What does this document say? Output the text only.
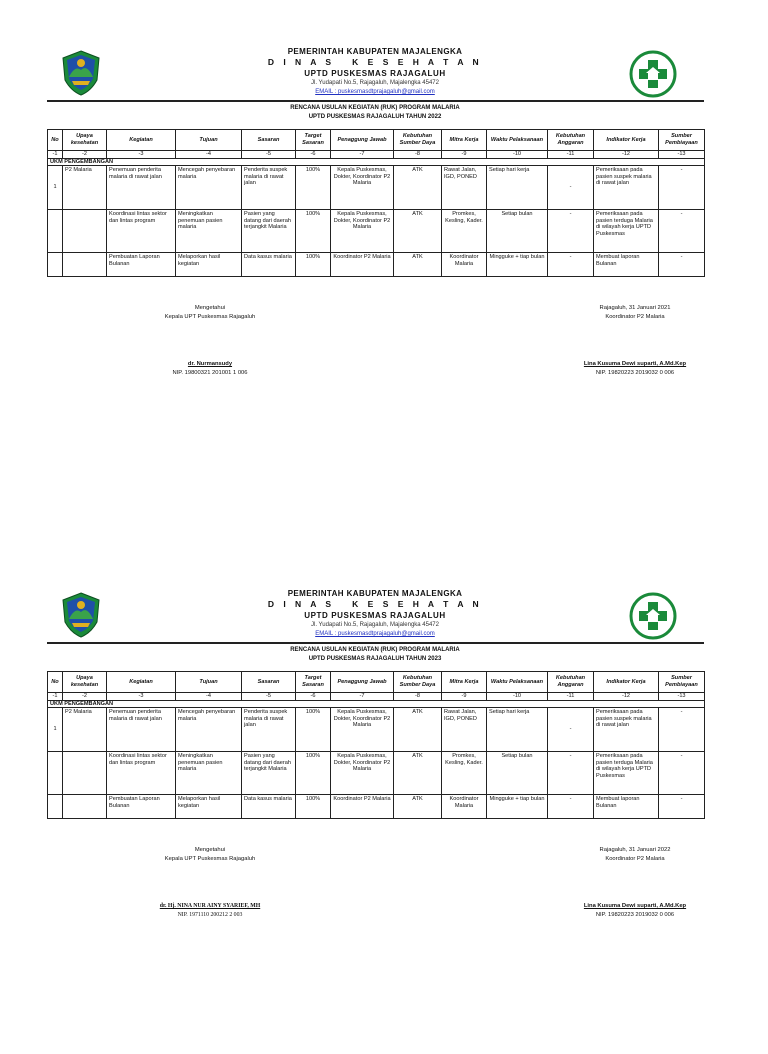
PEMERINTAH KABUPATEN MAJALENGKA
D I N A S   K E S E H A T A N
UPTD PUSKESMAS RAJAGALUH
Jl. Yudapati No.5, Rajagaluh, Majalengka 45472
EMAIL : puskesmasdtprajagaluh@gmail.com
RENCANA USULAN KEGIATAN (RUK) PROGRAM MALARIA
UPTD PUSKESMAS RAJAGALUH TAHUN 2022
No	Upaya kesehatan	Kegiatan	Tujuan	Sasaran	Target Sasaran	Penaggung Jawab	Kebutuhan Sumber Daya	Mitra Kerja	Waktu Pelaksanaan	Kebutuhan Anggaran	Indikator Kerja	Sumber Pembiayaan
-1	-2	-3	-4	-5	-6	-7	-8	-9	-10	-11	-12	-13
UKM PENGEMBANGAN												
1	P2 Malaria	Penemuan penderita malaria di rawat jalan	Mencegah penyebaran malaria	Penderita suspek malaria di rawat jalan	100%	Kepala Puskesmas, Dokter, Koordinator P2 Malaria	ATK	Rawat Jalan, IGD, PONED	Setiap hari kerja	-	Pemeriksaan pada pasien suspek malaria di rawat jalan	-
		Koordinasi lintas sektor dan lintas program	Meningkatkan penemuan pasien malaria	Pasien yang datang dari daerah terjangkit Malaria	100%	Kepala Puskesmas, Dokter, Koordinator P2 Malaria	ATK	Promkes, Kesling, Kader.	Setiap bulan	-	Pemeriksaan pada pasien terduga Malaria di wilayah kerja UPTD Puskesmas	-
		Pembuatan Laporan Bulanan	Melaporkan hasil kegiatan	Data kasus malaria	100%	Koordinator P2 Malaria	ATK	Koordinator Malaria	Mingguke + tiap bulan	-	Membuat laporan Bulanan	-
Mengetahui
Kepala UPT Puskesmas Rajagaluh
dr. Nurmansudy
NIP. 19800321 201001 1 006
Rajagaluh, 31 Januari 2021
Koordinator P2 Malaria
Lina Kusuma Dewi suparti, A.Md.Kep
NIP. 19820223 2019032 0 006
PEMERINTAH KABUPATEN MAJALENGKA
D I N A S   K E S E H A T A N
UPTD PUSKESMAS RAJAGALUH
Jl. Yudapati No.5, Rajagaluh, Majalengka 45472
EMAIL : puskesmasdtprajagaluh@gmail.com
RENCANA USULAN KEGIATAN (RUK) PROGRAM MALARIA
UPTD PUSKESMAS RAJAGALUH TAHUN 2023
No	Upaya kesehatan	Kegiatan	Tujuan	Sasaran	Target Sasaran	Penaggung Jawab	Kebutuhan Sumber Daya	Mitra Kerja	Waktu Pelaksanaan	Kebutuhan Anggaran	Indikator Kerja	Sumber Pembiayaan
-1	-2	-3	-4	-5	-6	-7	-8	-9	-10	-11	-12	-13
UKM PENGEMBANGAN												
1	P2 Malaria	Penemuan penderita malaria di rawat jalan	Mencegah penyebaran malaria	Penderita suspek malaria di rawat jalan	100%	Kepala Puskesmas, Dokter, Koordinator P2 Malaria	ATK	Rawat Jalan, IGD, PONED	Setiap hari kerja	-	Pemeriksaan pada pasien suspek malaria di rawat jalan	-
		Koordinasi lintas sektor dan lintas program	Meningkatkan penemuan pasien malaria	Pasien yang datang dari daerah terjangkit Malaria	100%	Kepala Puskesmas, Dokter, Koordinator P2 Malaria	ATK	Promkes, Kesling, Kader.	Setiap bulan	-	Pemeriksaan pada pasien terduga Malaria di wilayah kerja UPTD Puskesmas	-
		Pembuatan Laporan Bulanan	Melaporkan hasil kegiatan	Data kasus malaria	100%	Koordinator P2 Malaria	ATK	Koordinator Malaria	Mingguke + tiap bulan	-	Membuat laporan Bulanan	-
Mengetahui
Kepala UPT Puskesmas Rajagaluh
dr. Hj. NINA NUR AINY SYARIEF, MH
NIP. 1971110 200212 2 003
Rajagaluh, 31 Januari 2022
Koordinator P2 Malaria
Lina Kusuma Dewi suparti, A.Md.Kep
NIP. 19820223 2019032 0 006
